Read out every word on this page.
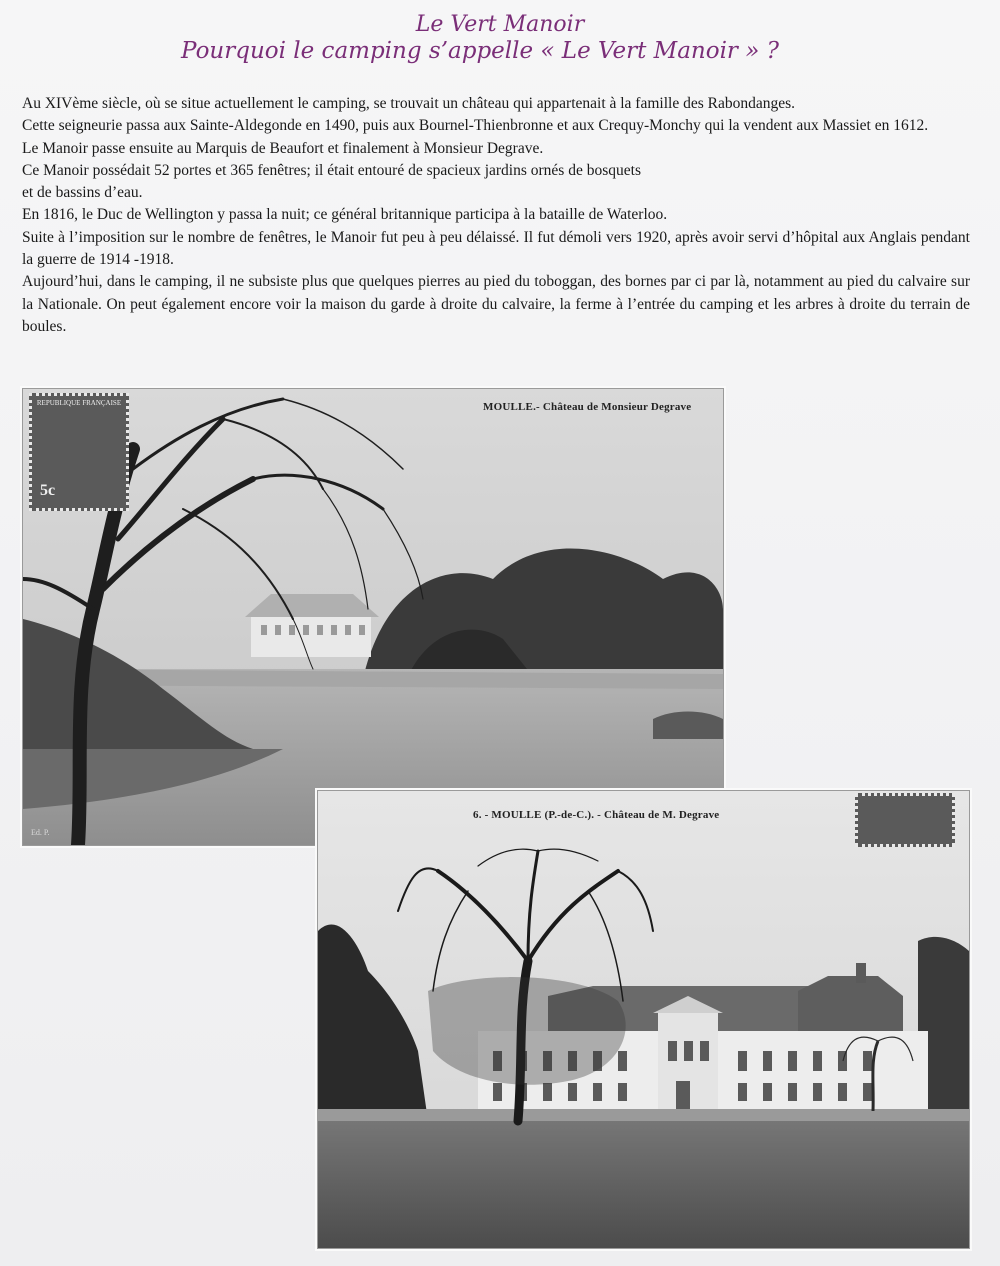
Le Vert Manoir
Pourquoi le camping s’appelle « Le Vert Manoir » ?

Au XIVème siècle, où se situe actuellement le camping, se trouvait un château qui appartenait à la famille des Rabondanges.

Cette seigneurie passa aux Sainte-Aldegonde en 1490, puis aux Bournel-Thienbronne et aux Crequy-Monchy qui la vendent aux Massiet en 1612.

Le Manoir passe ensuite au Marquis de Beaufort et finalement à Monsieur Degrave.

Ce Manoir possédait 52 portes et 365 fenêtres; il était entouré de spacieux jardins ornés de bosquets

et de bassins d’eau.

En 1816, le Duc de Wellington y passa la nuit; ce général britannique participa à la bataille de Waterloo.

Suite à l’imposition sur le nombre de fenêtres, le Manoir fut peu à peu délaissé. Il fut démoli vers 1920, après avoir servi d’hôpital aux Anglais pendant la guerre de 1914 -1918.

Aujourd’hui, dans le camping, il ne subsiste plus que quelques pierres au pied du toboggan, des bornes par ci par là, notamment au pied du calvaire sur la Nationale. On peut également encore voir la maison du garde à droite du calvaire, la ferme à l’entrée du camping et les arbres à droite du terrain de boules.

REPUBLIQUE FRANÇAISE
5c
MOULLE.- Château de Monsieur Degrave
Ed. P.
6. - MOULLE (P.-de-C.). - Château de M. Degrave
